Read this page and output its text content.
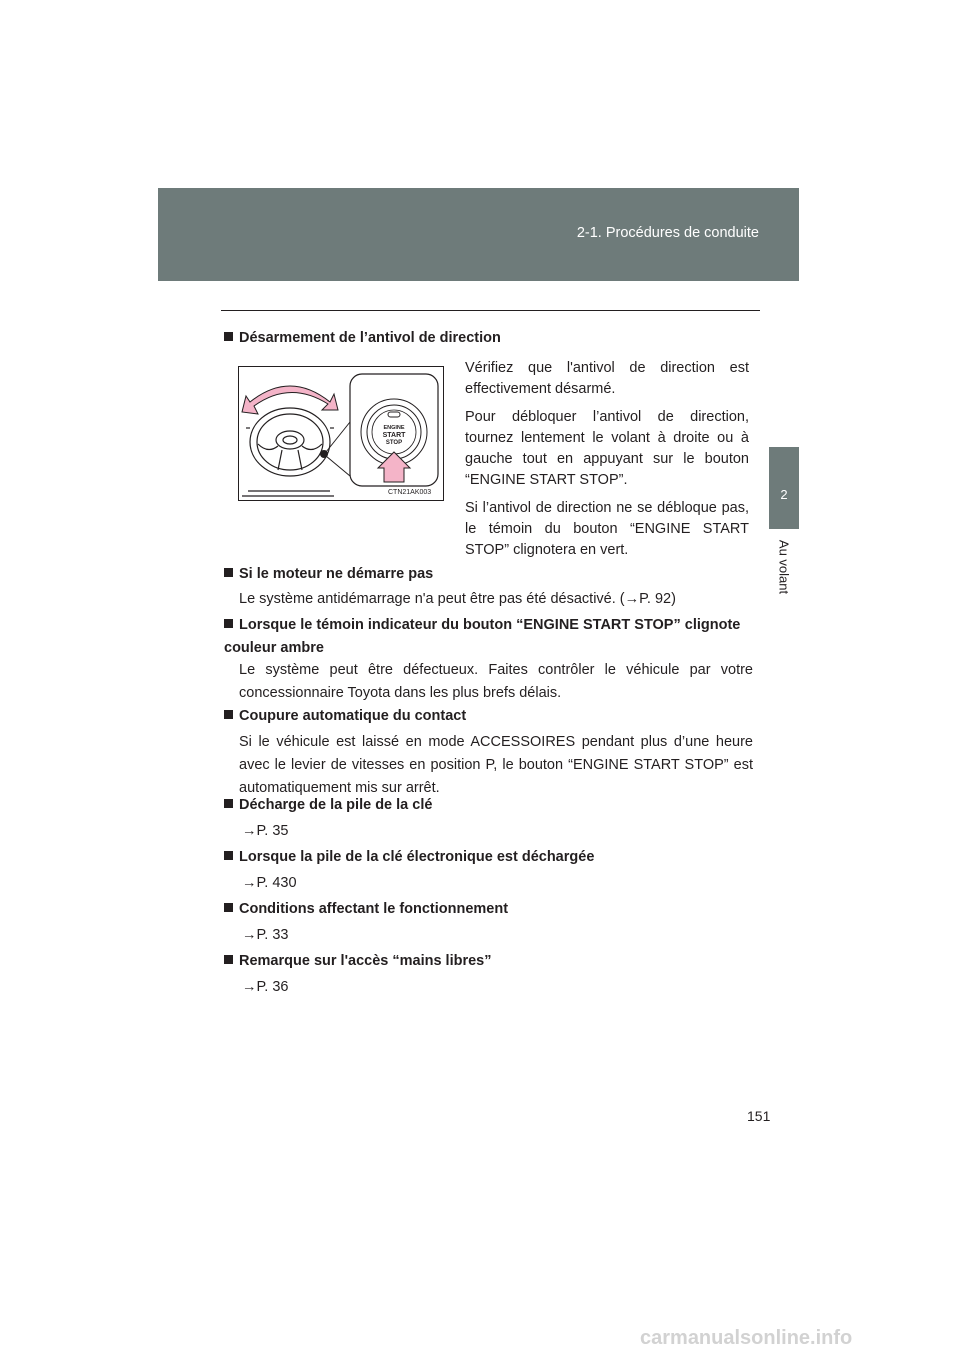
2-1. Procédures de conduite
2
Au volant
Désarmement de l’antivol de direction
ENGINE
START
STOP
CTN21AK003

Vérifiez que l'antivol de direction est effectivement désarmé.

Pour débloquer l’antivol de direction, tournez lentement le volant à droite ou à gauche tout en appuyant sur le bouton “ENGINE START STOP”.

Si l’antivol de direction ne se débloque pas, le témoin du bouton “ENGINE START STOP” clignotera en vert.

Si le moteur ne démarre pas
Le système antidémarrage n'a peut être pas été désactivé. (→P. 92)
Lorsque le témoin indicateur du bouton “ENGINE START STOP” clignote couleur ambre
Le système peut être défectueux. Faites contrôler le véhicule par votre concessionnaire Toyota dans les plus brefs délais.
Coupure automatique du contact
Si le véhicule est laissé en mode ACCESSOIRES pendant plus d’une heure avec le levier de vitesses en position P, le bouton “ENGINE START STOP” est automatiquement mis sur arrêt.
Décharge de la pile de la clé
→P. 35
Lorsque la pile de la clé électronique est déchargée
→P. 430
Conditions affectant le fonctionnement
→P. 33
Remarque sur l'accès “mains libres”
→P. 36
151
carmanualsonline.info
